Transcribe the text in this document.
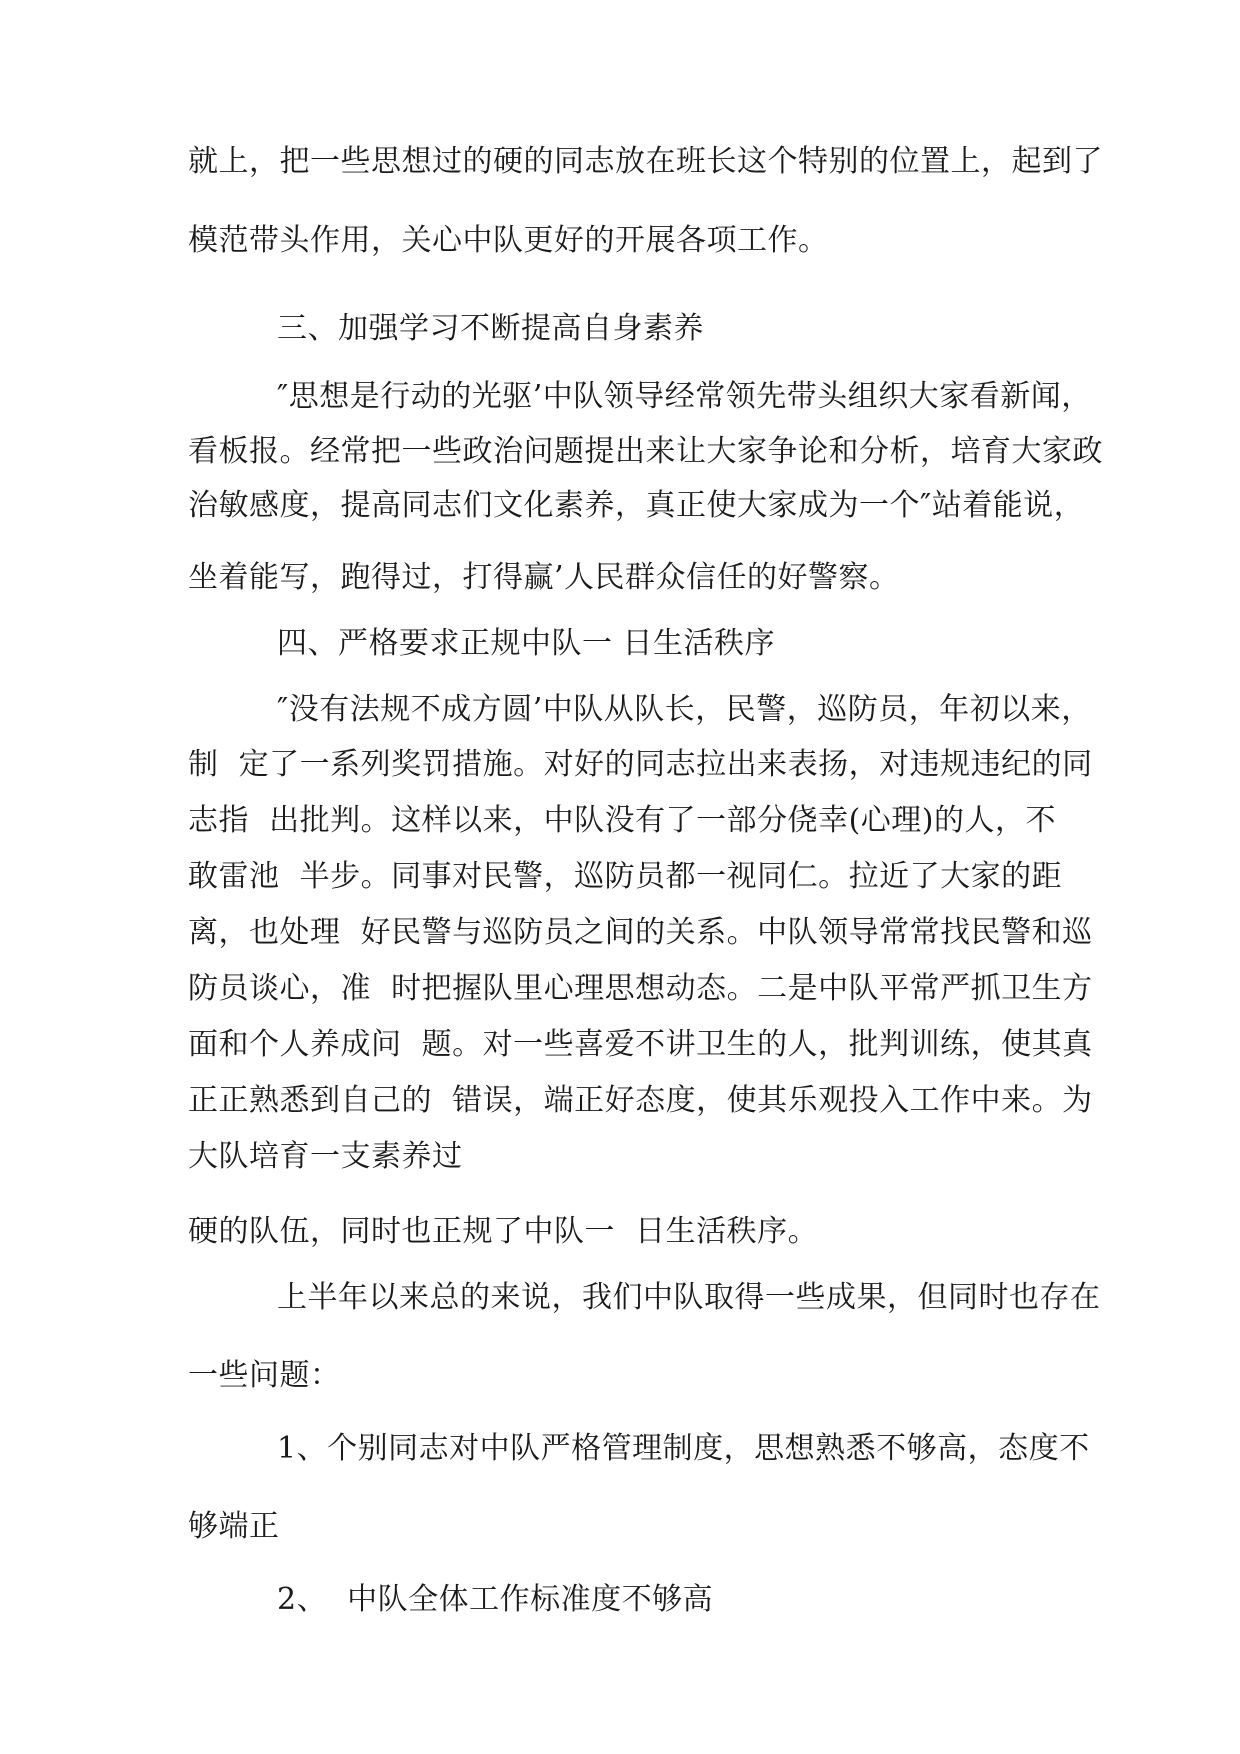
就上，把一些思想过的硬的同志放在班长这个特别的位置上，起到了
模范带头作用，关心中队更好的开展各项工作。
三、加强学习不断提高自身素养
″思想是行动的光驱’中队领导经常领先带头组织大家看新闻，
看板报。经常把一些政治问题提出来让大家争论和分析，培育大家政
治敏感度，提高同志们文化素养，真正使大家成为一个″站着能说，
坐着能写，跑得过，打得赢’人民群众信任的好警察。
四、严格要求正规中队一 日生活秩序
″没有法规不成方圆’中队从队长，民警，巡防员，年初以来，
制  定了一系列奖罚措施。对好的同志拉出来表扬，对违规违纪的同
志指  出批判。这样以来，中队没有了一部分侥幸(心理)的人，不
敢雷池  半步。同事对民警，巡防员都一视同仁。拉近了大家的距
离，也处理  好民警与巡防员之间的关系。中队领导常常找民警和巡
防员谈心，准  时把握队里心理思想动态。二是中队平常严抓卫生方
面和个人养成问  题。对一些喜爱不讲卫生的人，批判训练，使其真
正正熟悉到自己的  错误，端正好态度，使其乐观投入工作中来。为
大队培育一支素养过
硬的队伍，同时也正规了中队一  日生活秩序。
上半年以来总的来说，我们中队取得一些成果，但同时也存在
一些问题：
1、个别同志对中队严格管理制度，思想熟悉不够高，态度不
够端正
2、  中队全体工作标准度不够高
